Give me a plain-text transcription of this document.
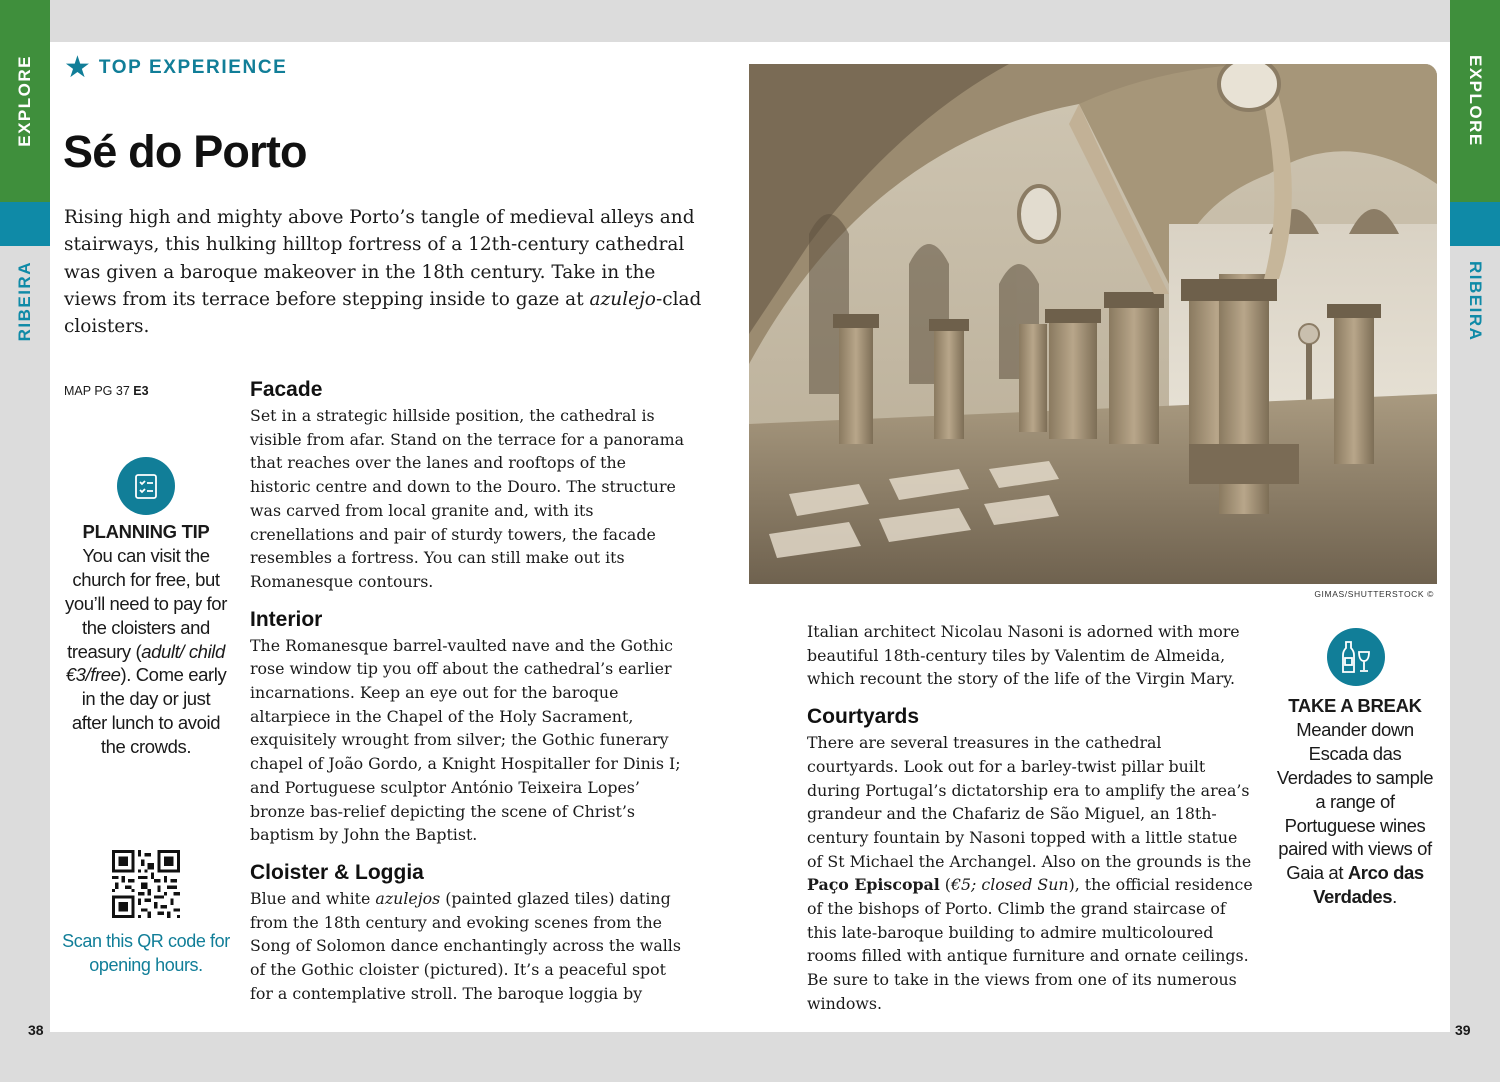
EXPLORE
RIBEIRA
38
EXPLORE
RIBEIRA
39
★ TOP EXPERIENCE
Sé do Porto
Rising high and mighty above Porto’s tangle of medieval alleys and stairways, this hulking hilltop fortress of a 12th-century cathedral was given a baroque makeover in the 18th century. Take in the views from its terrace before stepping inside to gaze at azulejo-clad cloisters.
MAP PG 37 E3
PLANNING TIP
You can visit the church for free, but you’ll need to pay for the cloisters and treasury (adult/ child €3/free). Come early in the day or just after lunch to avoid the crowds.
Scan this QR code for opening hours.
Facade

Set in a strategic hillside position, the cathedral is visible from afar. Stand on the terrace for a panorama that reaches over the lanes and rooftops of the historic centre and down to the Douro. The structure was carved from local granite and, with its crenellations and pair of sturdy towers, the facade resembles a fortress. You can still make out its Romanesque contours.

Interior

The Romanesque barrel-vaulted nave and the Gothic rose window tip you off about the cathedral’s earlier incarnations. Keep an eye out for the baroque altarpiece in the Chapel of the Holy Sacrament, exquisitely wrought from silver; the Gothic funerary chapel of João Gordo, a Knight Hospitaller for Dinis I; and Portuguese sculptor António Teixeira Lopes’ bronze bas-relief depicting the scene of Christ’s baptism by John the Baptist.

Cloister & Loggia

Blue and white azulejos (painted glazed tiles) dating from the 18th century and evoking scenes from the Song of Solomon dance enchantingly across the walls of the Gothic cloister (pictured). It’s a peaceful spot for a contemplative stroll. The baroque loggia by

GIMAS/SHUTTERSTOCK ©

Italian architect Nicolau Nasoni is adorned with more beautiful 18th-century tiles by Valentim de Almeida, which recount the story of the life of the Virgin Mary.

Courtyards

There are several treasures in the cathedral courtyards. Look out for a barley-twist pillar built during Portugal’s dictatorship era to amplify the area’s grandeur and the Chafariz de São Miguel, an 18th-century fountain by Nasoni topped with a little statue of St Michael the Archangel. Also on the grounds is the Paço Episcopal (€5; closed Sun), the official residence of the bishops of Porto. Climb the grand staircase of this late-baroque building to admire multicoloured rooms filled with antique furniture and ornate ceilings. Be sure to take in the views from one of its numerous windows.

TAKE A BREAK
Meander down Escada das Verdades to sample a range of Portuguese wines paired with views of Gaia at Arco das Verdades.
